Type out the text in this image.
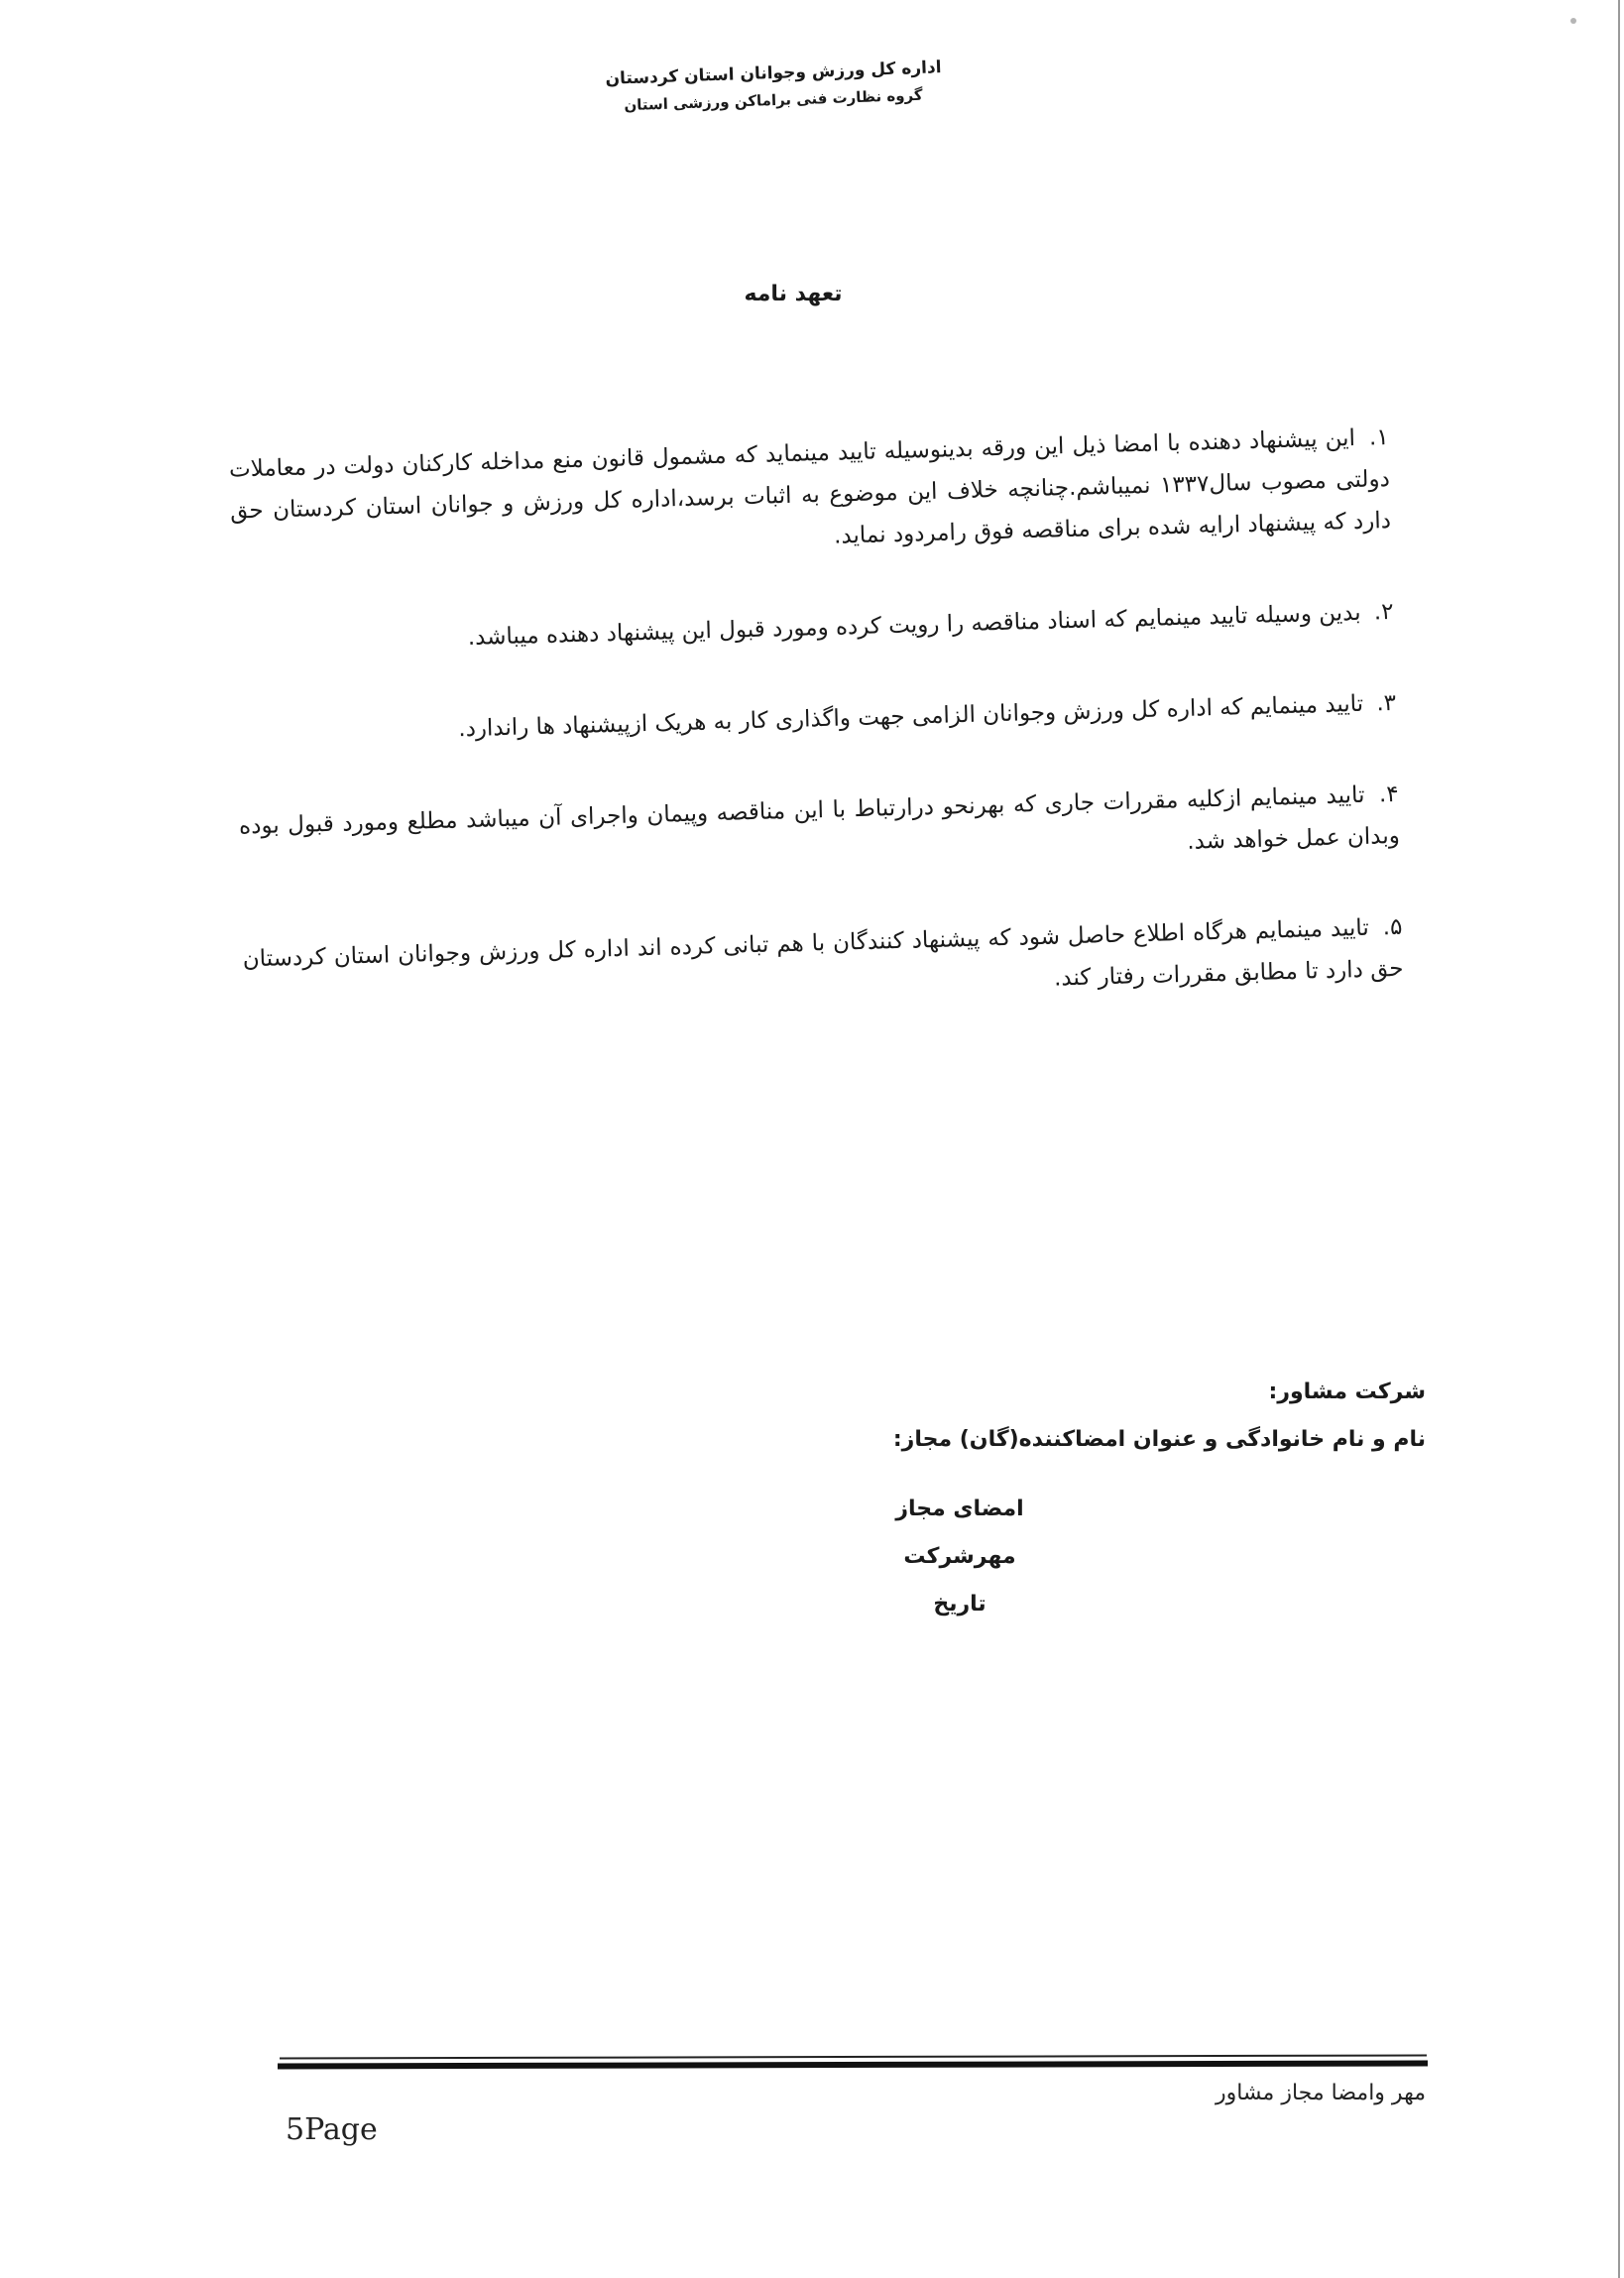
اداره کل ورزش وجوانان استان کردستان
گروه نظارت فنی براماکن ورزشی استان
تعهد نامه

۱. این پیشنهاد دهنده با امضا ذیل این ورقه بدینوسیله تایید مینماید که مشمول قانون منع مداخله کارکنان دولت در معاملات دولتی مصوب سال۱۳۳۷ نمیباشم.چنانچه خلاف این موضوع به اثبات برسد،اداره کل ورزش و جوانان استان کردستان حق دارد که پیشنهاد ارایه شده برای مناقصه فوق رامردود نماید.

۲. بدین وسیله تایید مینمایم که اسناد مناقصه را رویت کرده ومورد قبول این پیشنهاد دهنده میباشد.

۳. تایید مینمایم که اداره کل ورزش وجوانان الزامی جهت واگذاری کار به هریک ازپیشنهاد ها راندارد.

۴. تایید مینمایم ازکلیه مقررات جاری که بهرنحو درارتباط با این مناقصه وپیمان واجرای آن میباشد مطلع ومورد قبول بوده وبدان عمل خواهد شد.

۵. تایید مینمایم هرگاه اطلاع حاصل شود که پیشنهاد کنندگان با هم تبانی کرده اند اداره کل ورزش وجوانان استان کردستان حق دارد تا مطابق مقررات رفتار کند.

شرکت مشاور:
نام و نام خانوادگی و عنوان امضاکننده(گان) مجاز:
امضای مجاز
مهرشرکت
تاریخ
مهر وامضا مجاز مشاور
5Page
